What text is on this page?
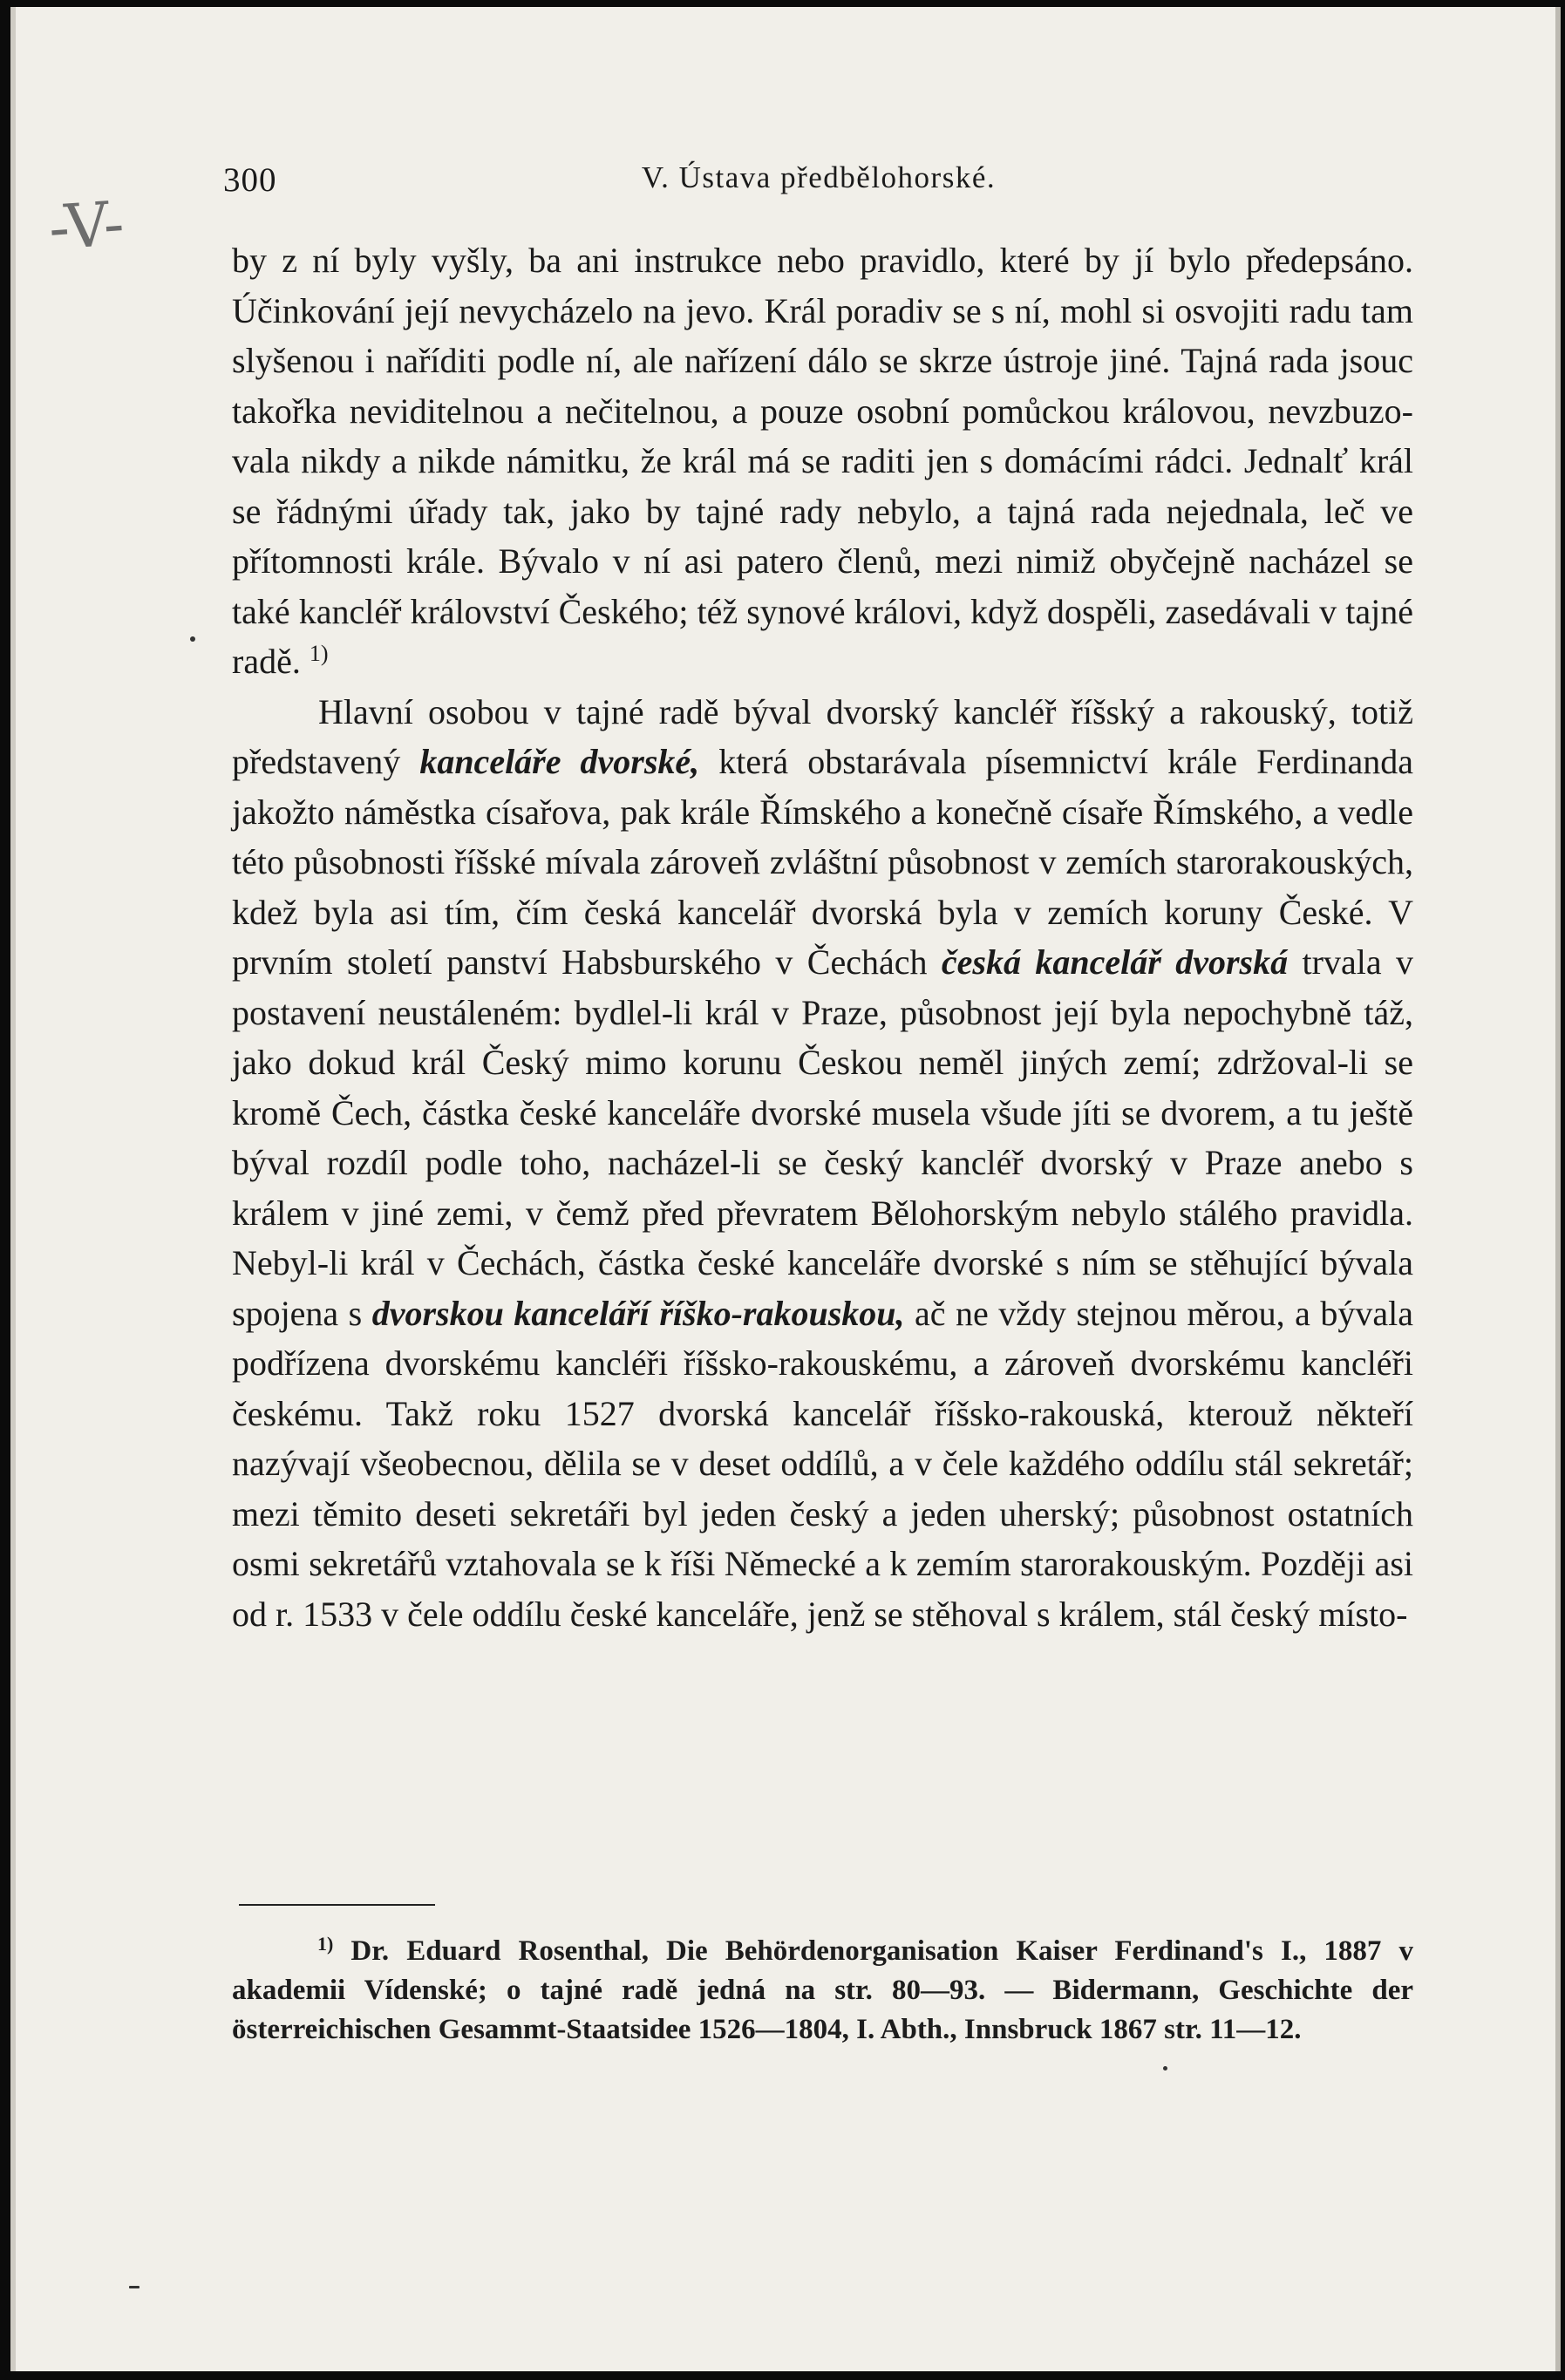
-V-
300	V. Ústava předbělohorské.

by z ní byly vyšly, ba ani instrukce nebo pravidlo, které by jí bylo předepsáno. Účinkování její nevycházelo na jevo. Král poradiv se s ní, mohl si osvojiti radu tam slyšenou i naříditi podle ní, ale nařízení dálo se skrze ústroje jiné. Tajná rada jsouc takořka neviditelnou a nečitelnou, a pouze osobní pomůckou královou, nevzbuzovala nikdy a nikde námitku, že král má se raditi jen s domácími rádci. Jednalť král se řádnými úřady tak, jako by tajné rady nebylo, a tajná rada nejednala, leč ve přítomnosti krále. Bývalo v ní asi patero členů, mezi nimiž obyčejně nacházel se také kancléř království Českého; též synové královi, když dospěli, zasedávali v tajné radě. $^{1)}$

Hlavní osobou v tajné radě býval dvorský kancléř říšský a rakouský, totiž představený kanceláře dvorské, která obstarávala písemnictví krále Ferdinanda jakožto náměstka císařova, pak krále Římského a konečně císaře Římského, a vedle této působnosti říšské mívala zároveň zvláštní působnost v zemích starorakouských, kdež byla asi tím, čím česká kancelář dvorská byla v zemích koruny České. V prvním století panství Habsburského v Čechách česká kancelář dvorská trvala v postavení neustáleném: bydlel-li král v Praze, působnost její byla nepochybně táž, jako dokud král Český mimo korunu Českou neměl jiných zemí; zdržoval-li se kromě Čech, částka české kanceláře dvorské musela všude jíti se dvorem, a tu ještě býval rozdíl podle toho, nacházel-li se český kancléř dvorský v Praze anebo s králem v jiné zemi, v čemž před převratem Bělohorským nebylo stálého pravidla. Nebyl-li král v Čechách, částka české kanceláře dvorské s ním se stěhující bývala spojena s dvorskou kanceláří říško-rakouskou, ač ne vždy stejnou měrou, a bývala podřízena dvorskému kancléři říšsko-rakouskému, a zároveň dvorskému kancléři českému. Takž roku 1527 dvorská kancelář říšsko-rakouská, kterouž někteří nazývají všeobecnou, dělila se v deset oddílů, a v čele každého oddílu stál sekretář; mezi těmito deseti sekretáři byl jeden český a jeden uherský; působnost ostatních osmi sekretářů vztahovala se k říši Německé a k zemím starorakouským. Později asi od r. 1533 v čele oddílu české kanceláře, jenž se stěhoval s králem, stál český místo-

$^{1)}$ Dr. Eduard Rosenthal, Die Behördenorganisation Kaiser Ferdinand's I., 1887 v akademii Vídenské; o tajné radě jedná na str. 80—93. — Bidermann, Geschichte der österreichischen Gesammt-Staatsidee 1526—1804, I. Abth., Innsbruck 1867 str. 11—12.
